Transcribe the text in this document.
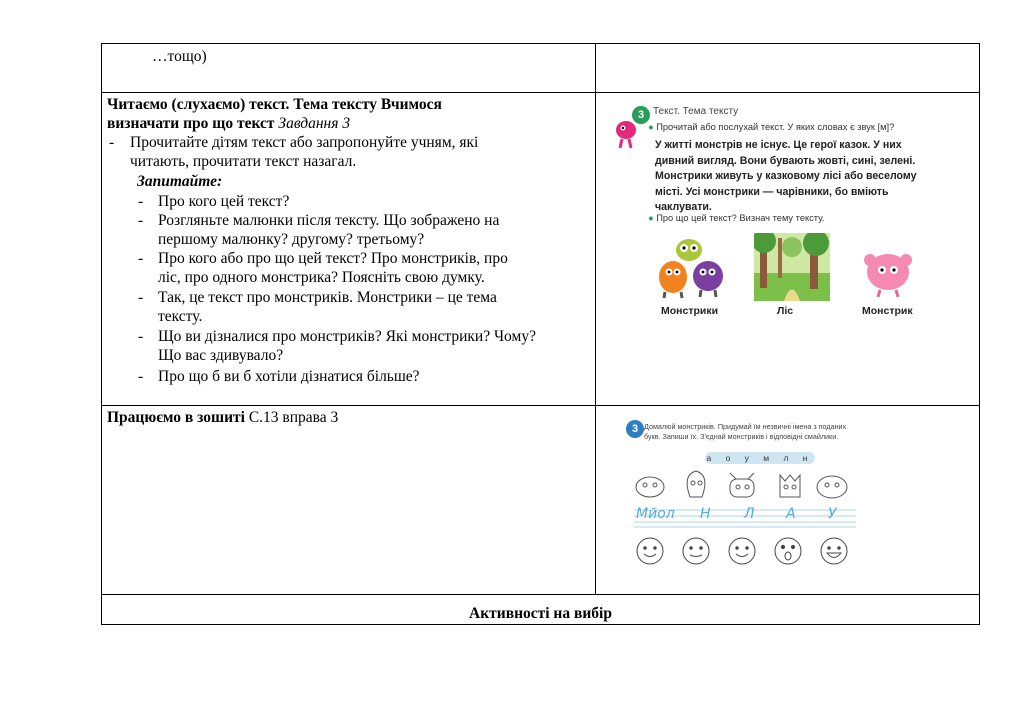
…тощо)
Читаємо (слухаємо) текст. Тема тексту Вчимося
визначати про що текст Завдання 3
- Прочитайте дітям текст або запропонуйте учням, які
читають, прочитати текст назагал.
Запитайте:
- Про кого цей текст?
- Розгляньте малюнки після тексту. Що зображено на
першому малюнку? другому? третьому?
- Про кого або про що цей текст? Про монстриків, про
ліс, про одного монстрика? Поясніть свою думку.
- Так, це текст про монстриків. Монстрики – це тема
тексту.
- Що ви дізналися про монстриків? Які монстрики? Чому?
Що вас здивувало?
- Про що б ви б хотіли дізнатися більше?
3 Текст. Тема тексту
● Прочитай або послухай текст. У яких словах є звук [м]?
У житті монстрів не існує. Це герої казок. У них дивний вигляд. Вони бувають жовті, сині, зелені. Монстрики живуть у казковому лісі або веселому місті. Усі монстрики — чарівники, бо вміють чаклувати.
● Про що цей текст? Визнач тему тексту.
Монстрики	Ліс	Монстрик
Працюємо в зошиті С.13 вправа 3
3 Домалюй монстриків. Придумай їм незвичні імена з поданих букв. Запиши їх. З'єднай монстриків і відповідні смайлики.
а о у м л н
Мйол Н Л А У
Активності на вибір
